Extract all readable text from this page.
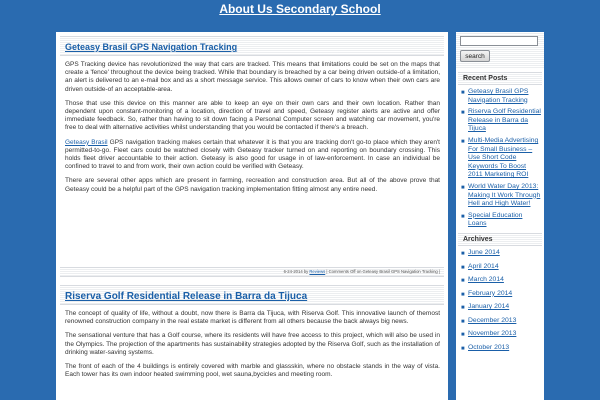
About Us Secondary School
Geteasy Brasil GPS Navigation Tracking

GPS Tracking device has revolutionized the way that cars are tracked. This means that limitations could be set on the maps that create a 'fence' throughout the device being tracked. While that boundary is breached by a car being driven outside-of a limitation, an alert is delivered to an e-mail box and as a short message service. This allows owner of cars to know when their own cars are driven outside-of an acceptable-area.

Those that use this device on this manner are able to keep an eye on their own cars and their own location. Rather than dependent upon constant-monitoring of a location, direction of travel and speed, Geteasy register alerts are active and offer immediate feedback. So, rather than having to sit down facing a Personal Computer screen and watching car movement, you're free to deal with alternative activities whilst understanding that you would be contacted if there's a breach.

Geteasy Brasil GPS navigation tracking makes certain that whatever it is that you are tracking don't go-to place which they aren't permitted-to-go. Fleet cars could be watched closely with Geteasy tracker turned on and reporting on boundary crossing. This holds fleet driver accountable to their action. Geteasy is also good for usage in of law-enforcement. In case an individual be confined to travel to and from work, their own action could be verified with Geteasy.

There are several other apps which are present in farming, recreation and construction area. But all of the above prove that Geteasy could be a helpful part of the GPS navigation tracking implementation fitting almost any entire need.

6-24-2014 by Reviews | Comments Off on Geteasy Brasil GPS Navigation Tracking |
Riserva Golf Residential Release in Barra da Tijuca

The concept of quality of life, without a doubt, now there is Barra da Tijuca, with Riserva Golf. This innovative launch of themost renowned construction company in the real estate market is different from all others because the back always big news.

The sensational venture that has a Golf course, where its residents will have free access to this project, which will also be used in the Olympics. The projection of the apartments has sustainability strategies adopted by the Riserva Golf, such as the installation of drinking water-saving systems.

The front of each of the 4 buildings is entirely covered with marble and glassskin, where no obstacle stands in the way of vista. Each tower has its own indoor heated swimming pool, wet sauna,bycicles and meeting room.

search
Recent Posts
■ Geteasy Brasil GPS Navigation Tracking
■ Riserva Golf Residential Release in Barra da Tijuca
■ Multi-Media Advertising For Small Business – Use Short Code Keywords To Boost 2011 Marketing ROI
■ World Water Day 2013: Making It Work Through Hell and High Water!
■ Special Education Loans
Archives
■ June 2014
■ April 2014
■ March 2014
■ February 2014
■ January 2014
■ December 2013
■ November 2013
■ October 2013
